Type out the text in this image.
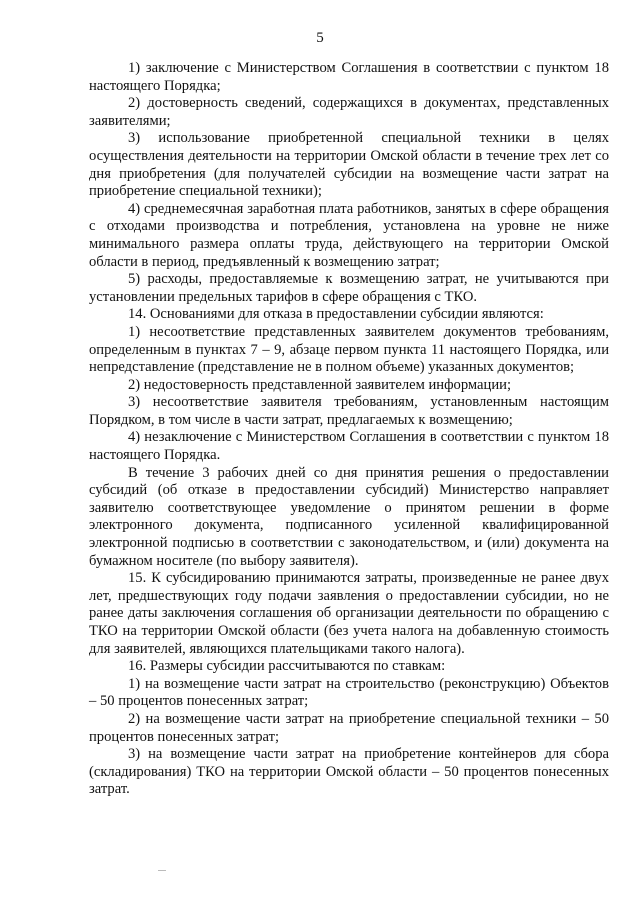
5

1) заключение с Министерством Соглашения в соответствии с пунктом 18 настоящего Порядка;

2) достоверность сведений, содержащихся в документах, представленных заявителями;

3) использование приобретенной специальной техники в целях осуществления деятельности на территории Омской области в течение трех лет со дня приобретения (для получателей субсидии на возмещение части затрат на приобретение специальной техники);

4) среднемесячная заработная плата работников, занятых в сфере обращения с отходами производства и потребления, установлена на уровне не ниже минимального размера оплаты труда, действующего на территории Омской области в период, предъявленный к возмещению затрат;

5) расходы, предоставляемые к возмещению затрат, не учитываются при установлении предельных тарифов в сфере обращения с ТКО.

14. Основаниями для отказа в предоставлении субсидии являются:

1) несоответствие представленных заявителем документов требованиям, определенным в пунктах 7 – 9, абзаце первом пункта 11 настоящего Порядка, или непредставление (представление не в полном объеме) указанных документов;

2) недостоверность представленной заявителем информации;

3) несоответствие заявителя требованиям, установленным настоящим Порядком, в том числе в части затрат, предлагаемых к возмещению;

4) незаключение с Министерством Соглашения в соответствии с пунктом 18 настоящего Порядка.

В течение 3 рабочих дней со дня принятия решения о предоставлении субсидий (об отказе в предоставлении субсидий) Министерство направляет заявителю соответствующее уведомление о принятом решении в форме электронного документа, подписанного усиленной квалифицированной электронной подписью в соответствии с законодательством, и (или) документа на бумажном носителе (по выбору заявителя).

15. К субсидированию принимаются затраты, произведенные не ранее двух лет, предшествующих году подачи заявления о предоставлении субсидии, но не ранее даты заключения соглашения об организации деятельности по обращению с ТКО на территории Омской области (без учета налога на добавленную стоимость для заявителей, являющихся плательщиками такого налога).

16. Размеры субсидии рассчитываются по ставкам:

1) на возмещение части затрат на строительство (реконструкцию) Объектов – 50 процентов понесенных затрат;

2) на возмещение части затрат на приобретение специальной техники – 50 процентов понесенных затрат;

3) на возмещение части затрат на приобретение контейнеров для сбора (складирования) ТКО на территории Омской области – 50 процентов понесенных затрат.
